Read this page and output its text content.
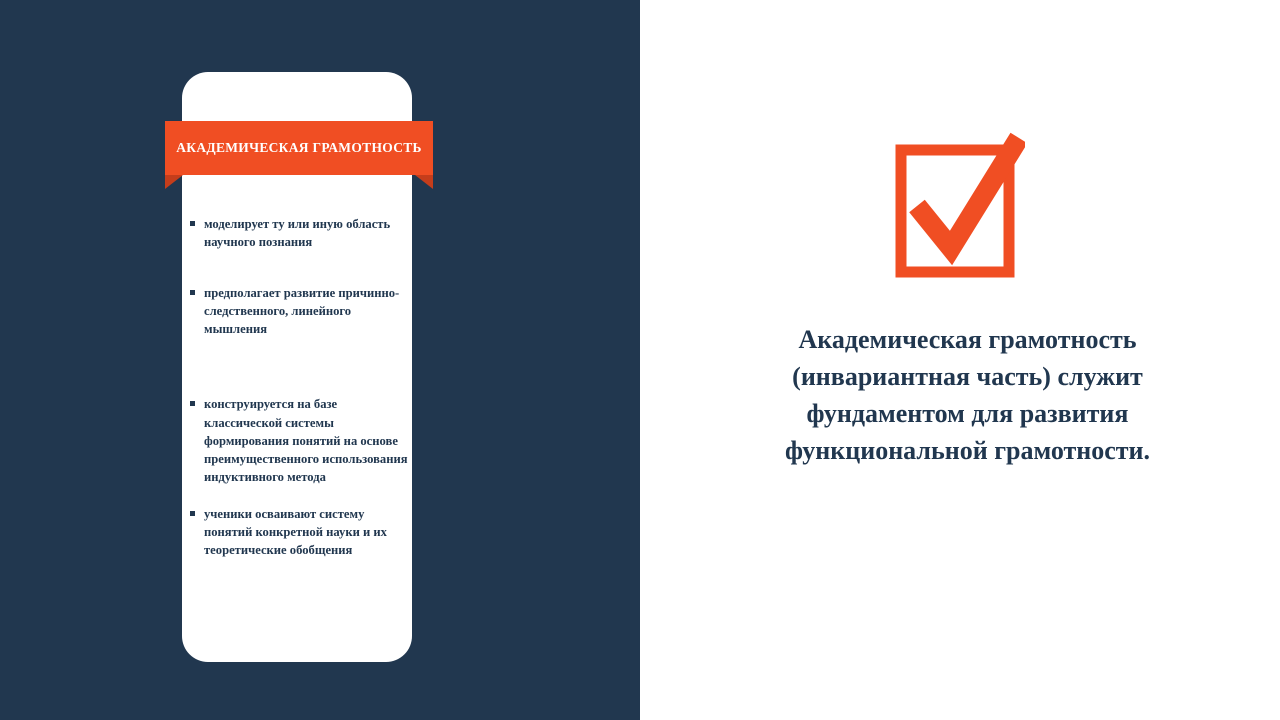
АКАДЕМИЧЕСКАЯ ГРАМОТНОСТЬ
моделирует ту или иную область научного познания
предполагает развитие причинно-следственного, линейного мышления
конструируется на базе классической системы формирования понятий на основе преимущественного использования индуктивного метода
ученики осваивают систему понятий конкретной науки и их теоретические обобщения
Академическая грамотность (инвариантная часть) служит фундаментом для развития функциональной грамотности.
